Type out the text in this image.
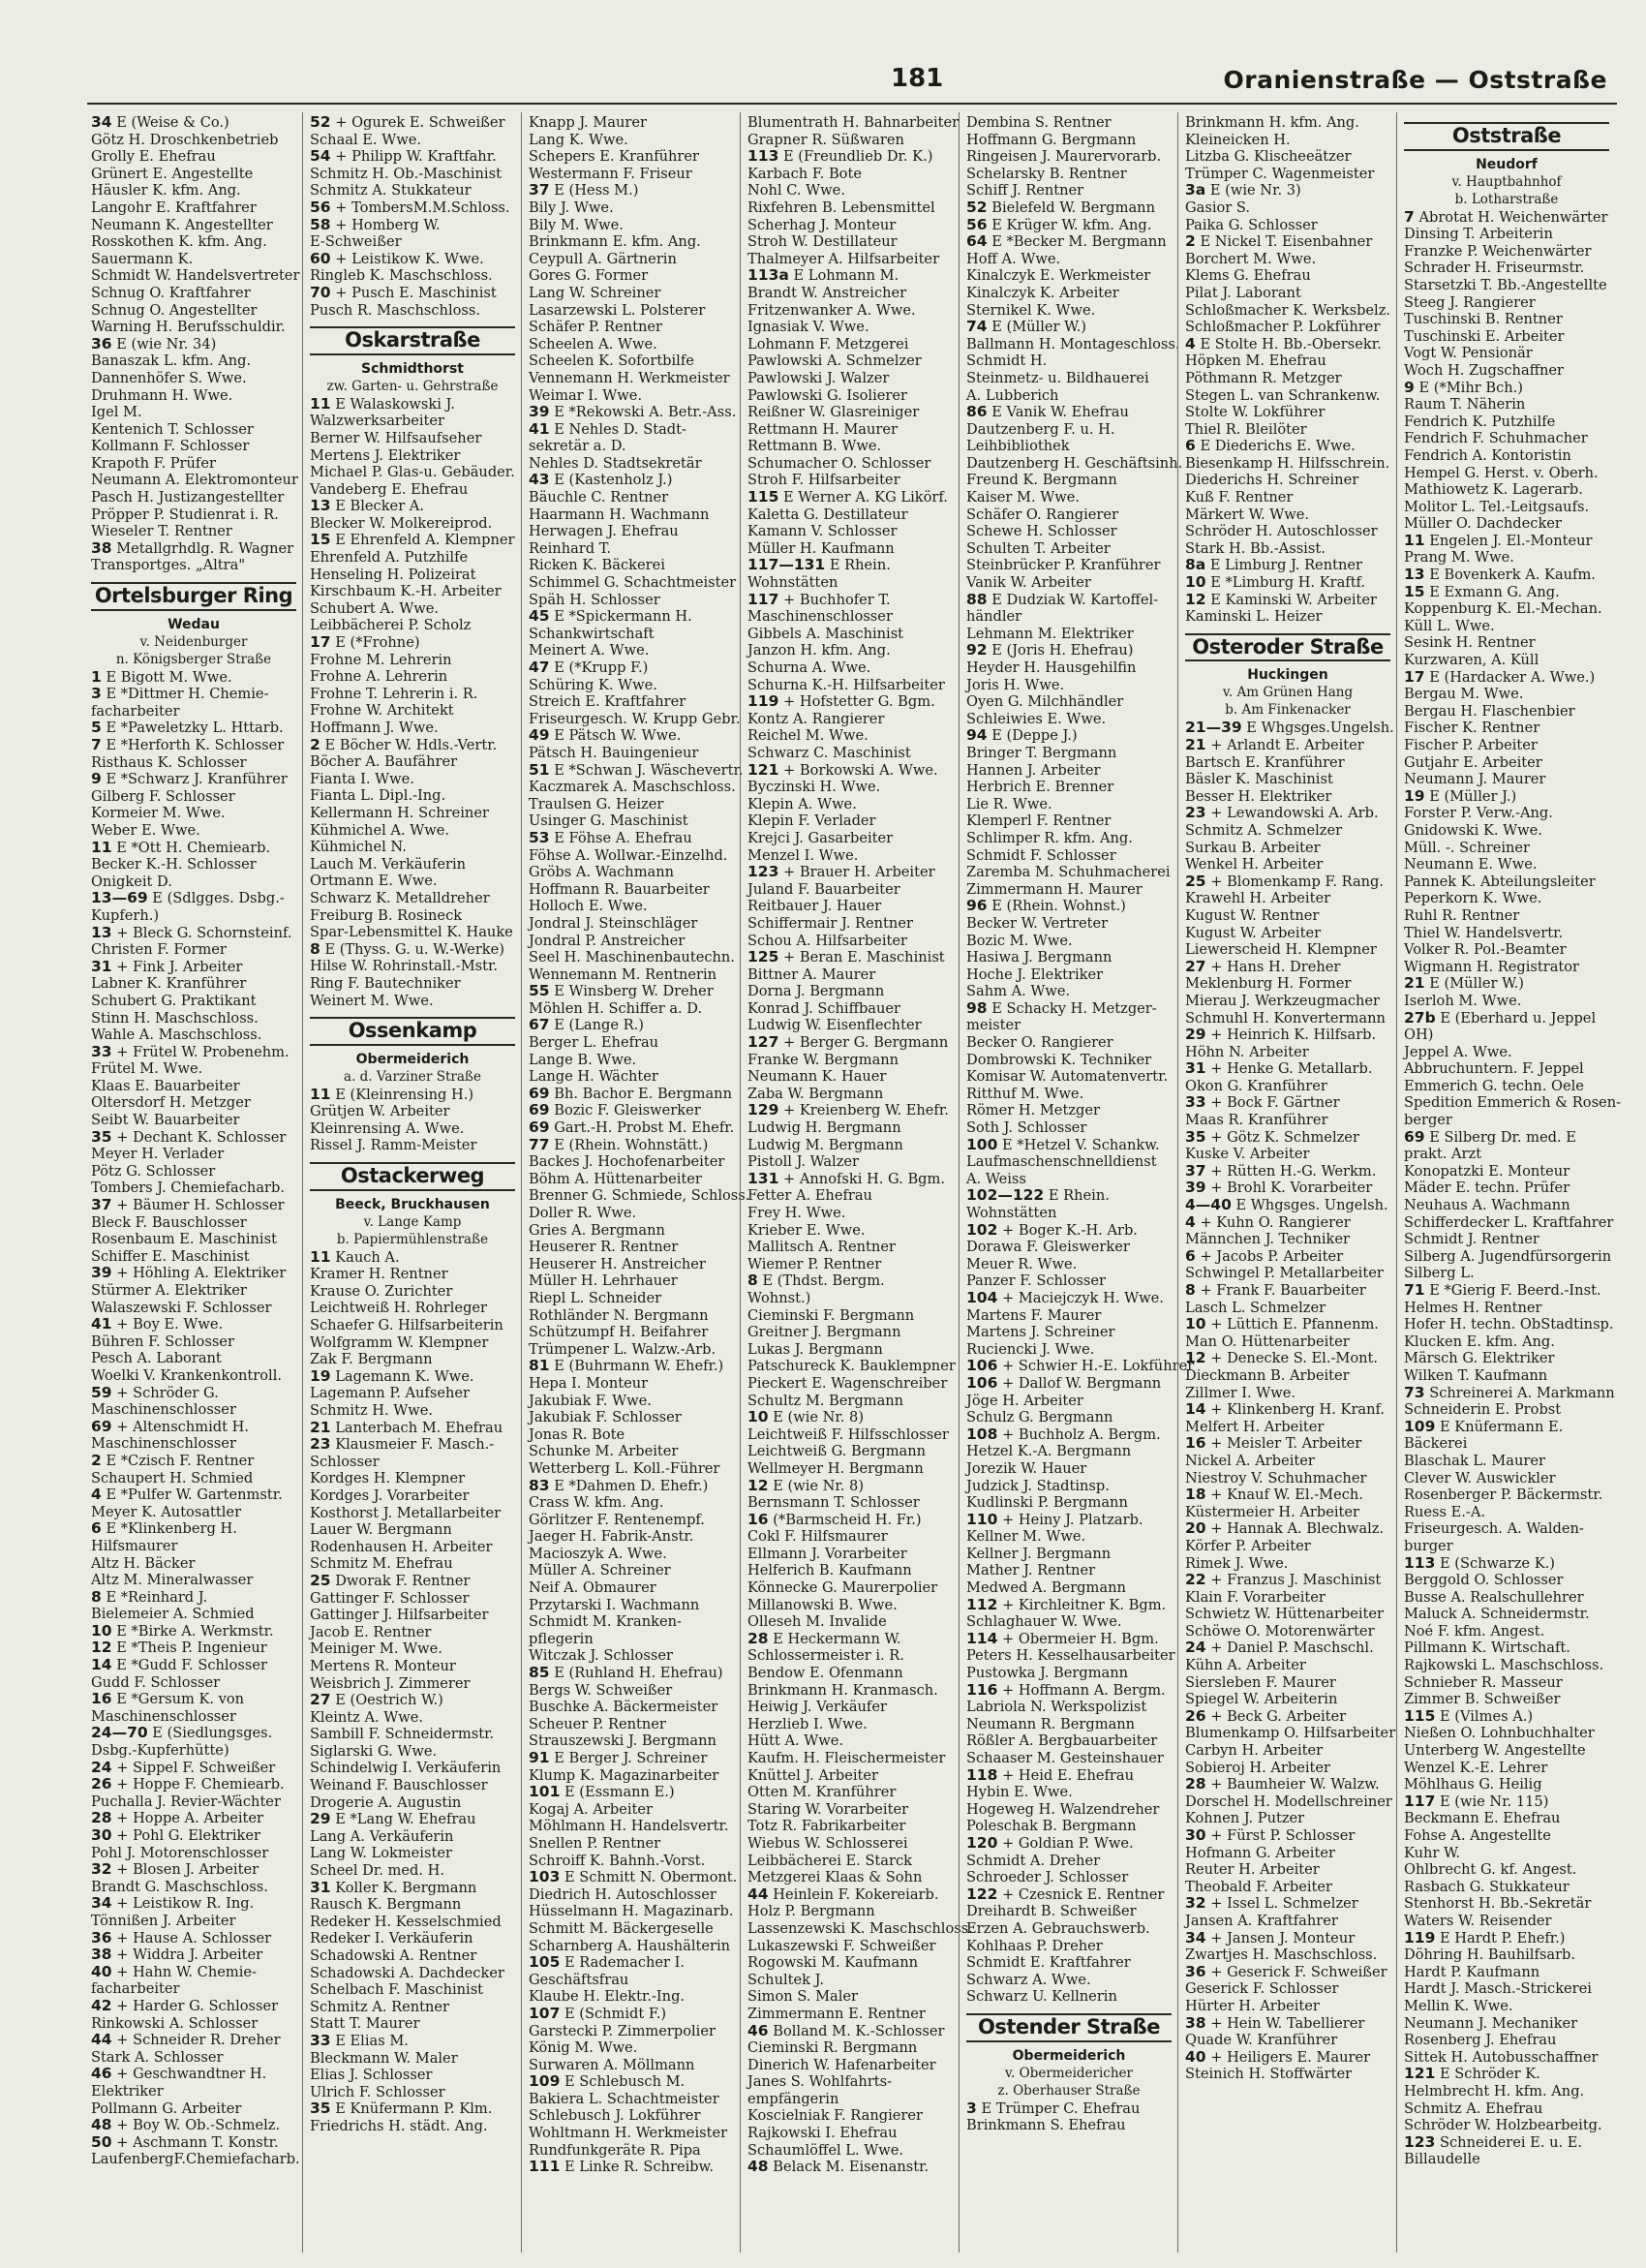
181	Oranienstraße — Oststraße
34 E (Weise & Co.)
Götz H. Droschkenbetrieb
Grolly E. Ehefrau
Grünert E. Angestellte
Häusler K. kfm. Ang.
Langohr E. Kraftfahrer
Neumann K. Angestellter
Rosskothen K. kfm. Ang.
Sauermann K.
Schmidt W. Handelsvertreter
Schnug O. Kraftfahrer
Schnug O. Angestellter
Warning H. Berufsschuldir.
36 E (wie Nr. 34)
Banaszak L. kfm. Ang.
Dannenhöfer S. Wwe.
Druhmann H. Wwe.
Igel M.
Kentenich T. Schlosser
Kollmann F. Schlosser
Krapoth F. Prüfer
Neumann A. Elektromonteur
Pasch H. Justizangestellter
Pröpper P. Studienrat i. R.
Wieseler T. Rentner
38 Metallgrhdlg. R. Wagner
Transportges. „Altra"
Ortelsburger Ring
Wedau
v. Neidenburger
n. Königsberger Straße
1 E Bigott M. Wwe.
3 E *Dittmer H. Chemie-
facharbeiter
5 E *Paweletzky L. Httarb.
7 E *Herforth K. Schlosser
Risthaus K. Schlosser
9 E *Schwarz J. Kranführer
Gilberg F. Schlosser
Kormeier M. Wwe.
Weber E. Wwe.
11 E *Ott H. Chemiearb.
Becker K.-H. Schlosser
Onigkeit D.
13—69 E (Sdlgges. Dsbg.-
Kupferh.)
13 + Bleck G. Schornsteinf.
Christen F. Former
31 + Fink J. Arbeiter
Labner K. Kranführer
Schubert G. Praktikant
Stinn H. Maschschloss.
Wahle A. Maschschloss.
33 + Frütel W. Probenehm.
Frütel M. Wwe.
Klaas E. Bauarbeiter
Oltersdorf H. Metzger
Seibt W. Bauarbeiter
35 + Dechant K. Schlosser
Meyer H. Verlader
Pötz G. Schlosser
Tombers J. Chemiefacharb.
37 + Bäumer H. Schlosser
Bleck F. Bauschlosser
Rosenbaum E. Maschinist
Schiffer E. Maschinist
39 + Höhling A. Elektriker
Stürmer A. Elektriker
Walaszewski F. Schlosser
41 + Boy E. Wwe.
Bühren F. Schlosser
Pesch A. Laborant
Woelki V. Krankenkontroll.
59 + Schröder G.
Maschinenschlosser
69 + Altenschmidt H.
Maschinenschlosser
2 E *Czisch F. Rentner
Schaupert H. Schmied
4 E *Pulfer W. Gartenmstr.
Meyer K. Autosattler
6 E *Klinkenberg H.
Hilfsmaurer
Altz H. Bäcker
Altz M. Mineralwasser
8 E *Reinhard J.
Bielemeier A. Schmied
10 E *Birke A. Werkmstr.
12 E *Theis P. Ingenieur
14 E *Gudd F. Schlosser
Gudd F. Schlosser
16 E *Gersum K. von
Maschinenschlosser
24—70 E (Siedlungsges.
Dsbg.-Kupferhütte)
24 + Sippel F. Schweißer
26 + Hoppe F. Chemiearb.
Puchalla J. Revier-Wächter
28 + Hoppe A. Arbeiter
30 + Pohl G. Elektriker
Pohl J. Motorenschlosser
32 + Blosen J. Arbeiter
Brandt G. Maschschloss.
34 + Leistikow R. Ing.
Tönnißen J. Arbeiter
36 + Hause A. Schlosser
38 + Widdra J. Arbeiter
40 + Hahn W. Chemie-
facharbeiter
42 + Harder G. Schlosser
Rinkowski A. Schlosser
44 + Schneider R. Dreher
Stark A. Schlosser
46 + Geschwandtner H.
Elektriker
Pollmann G. Arbeiter
48 + Boy W. Ob.-Schmelz.
50 + Aschmann T. Konstr.
LaufenbergF.Chemiefacharb.
52 + Ogurek E. Schweißer
Schaal E. Wwe.
54 + Philipp W. Kraftfahr.
Schmitz H. Ob.-Maschinist
Schmitz A. Stukkateur
56 + TombersM.M.Schloss.
58 + Homberg W.
E-Schweißer
60 + Leistikow K. Wwe.
Ringleb K. Maschschloss.
70 + Pusch E. Maschinist
Pusch R. Maschschloss.
Oskarstraße
Schmidthorst
zw. Garten- u. Gehrstraße
11 E Walaskowski J.
Walzwerksarbeiter
Berner W. Hilfsaufseher
Mertens J. Elektriker
Michael P. Glas-u. Gebäuder.
Vandeberg E. Ehefrau
13 E Blecker A.
Blecker W. Molkereiprod.
15 E Ehrenfeld A. Klempner
Ehrenfeld A. Putzhilfe
Henseling H. Polizeirat
Kirschbaum K.-H. Arbeiter
Schubert A. Wwe.
Leibbächerei P. Scholz
17 E (*Frohne)
Frohne M. Lehrerin
Frohne A. Lehrerin
Frohne T. Lehrerin i. R.
Frohne W. Architekt
Hoffmann J. Wwe.
2 E Böcher W. Hdls.-Vertr.
Böcher A. Baufährer
Fianta I. Wwe.
Fianta L. Dipl.-Ing.
Kellermann H. Schreiner
Kühmichel A. Wwe.
Kühmichel N.
Lauch M. Verkäuferin
Ortmann E. Wwe.
Schwarz K. Metalldreher
Freiburg B. Rosineck
Spar-Lebensmittel K. Hauke
8 E (Thyss. G. u. W.-Werke)
Hilse W. Rohrinstall.-Mstr.
Ring F. Bautechniker
Weinert M. Wwe.
Ossenkamp
Obermeiderich
a. d. Varziner Straße
11 E (Kleinrensing H.)
Grütjen W. Arbeiter
Kleinrensing A. Wwe.
Rissel J. Ramm-Meister
Ostackerweg
Beeck, Bruckhausen
v. Lange Kamp
b. Papiermühlenstraße
11 Kauch A.
Kramer H. Rentner
Krause O. Zurichter
Leichtweiß H. Rohrleger
Schaefer G. Hilfsarbeiterin
Wolfgramm W. Klempner
Zak F. Bergmann
19 Lagemann K. Wwe.
Lagemann P. Aufseher
Schmitz H. Wwe.
21 Lanterbach M. Ehefrau
23 Klausmeier F. Masch.-
Schlosser
Kordges H. Klempner
Kordges J. Vorarbeiter
Kosthorst J. Metallarbeiter
Lauer W. Bergmann
Rodenhausen H. Arbeiter
Schmitz M. Ehefrau
25 Dworak F. Rentner
Gattinger F. Schlosser
Gattinger J. Hilfsarbeiter
Jacob E. Rentner
Meiniger M. Wwe.
Mertens R. Monteur
Weisbrich J. Zimmerer
27 E (Oestrich W.)
Kleintz A. Wwe.
Sambill F. Schneidermstr.
Siglarski G. Wwe.
Schindelwig I. Verkäuferin
Weinand F. Bauschlosser
Drogerie A. Augustin
29 E *Lang W. Ehefrau
Lang A. Verkäuferin
Lang W. Lokmeister
Scheel Dr. med. H.
31 Koller K. Bergmann
Rausch K. Bergmann
Redeker H. Kesselschmied
Redeker I. Verkäuferin
Schadowski A. Rentner
Schadowski A. Dachdecker
Schelbach F. Maschinist
Schmitz A. Rentner
Statt T. Maurer
33 E Elias M.
Bleckmann W. Maler
Elias J. Schlosser
Ulrich F. Schlosser
35 E Knüfermann P. Klm.
Friedrichs H. städt. Ang.
Knapp J. Maurer
Lang K. Wwe.
Schepers E. Kranführer
Westermann F. Friseur
37 E (Hess M.)
Bily J. Wwe.
Bily M. Wwe.
Brinkmann E. kfm. Ang.
Ceypull A. Gärtnerin
Gores G. Former
Lang W. Schreiner
Lasarzewski L. Polsterer
Schäfer P. Rentner
Scheelen A. Wwe.
Scheelen K. Sofortbilfe
Vennemann H. Werkmeister
Weimar I. Wwe.
39 E *Rekowski A. Betr.-Ass.
41 E Nehles D. Stadt-
sekretär a. D.
Nehles D. Stadtsekretär
43 E (Kastenholz J.)
Bäuchle C. Rentner
Haarmann H. Wachmann
Herwagen J. Ehefrau
Reinhard T.
Ricken K. Bäckerei
Schimmel G. Schachtmeister
Späh H. Schlosser
45 E *Spickermann H.
Schankwirtschaft
Meinert A. Wwe.
47 E (*Krupp F.)
Schüring K. Wwe.
Streich E. Kraftfahrer
Friseurgesch. W. Krupp Gebr.
49 E Pätsch W. Wwe.
Pätsch H. Bauingenieur
51 E *Schwan J. Wäschevertr.
Kaczmarek A. Maschschloss.
Traulsen G. Heizer
Usinger G. Maschinist
53 E Föhse A. Ehefrau
Föhse A. Wollwar.-Einzelhd.
Gröbs A. Wachmann
Hoffmann R. Bauarbeiter
Holloch E. Wwe.
Jondral J. Steinschläger
Jondral P. Anstreicher
Seel H. Maschinenbautechn.
Wennemann M. Rentnerin
55 E Winsberg W. Dreher
Möhlen H. Schiffer a. D.
67 E (Lange R.)
Berger L. Ehefrau
Lange B. Wwe.
Lange H. Wächter
69 Bh. Bachor E. Bergmann
69 Bozic F. Gleiswerker
69 Gart.-H. Probst M. Ehefr.
77 E (Rhein. Wohnstätt.)
Backes J. Hochofenarbeiter
Böhm A. Hüttenarbeiter
Brenner G. Schmiede, Schloss.
Doller R. Wwe.
Gries A. Bergmann
Heuserer R. Rentner
Heuserer H. Anstreicher
Müller H. Lehrhauer
Riepl L. Schneider
Rothländer N. Bergmann
Schützumpf H. Beifahrer
Trümpener L. Walzw.-Arb.
81 E (Buhrmann W. Ehefr.)
Hepa I. Monteur
Jakubiak F. Wwe.
Jakubiak F. Schlosser
Jonas R. Bote
Schunke M. Arbeiter
Wetterberg L. Koll.-Führer
83 E *Dahmen D. Ehefr.)
Crass W. kfm. Ang.
Görlitzer F. Rentenempf.
Jaeger H. Fabrik-Anstr.
Macioszyk A. Wwe.
Müller A. Schreiner
Neif A. Obmaurer
Przytarski I. Wachmann
Schmidt M. Kranken-
pflegerin
Witczak J. Schlosser
85 E (Ruhland H. Ehefrau)
Bergs W. Schweißer
Buschke A. Bäckermeister
Scheuer P. Rentner
Strauszewski J. Bergmann
91 E Berger J. Schreiner
Klump K. Magazinarbeiter
101 E (Essmann E.)
Kogaj A. Arbeiter
Möhlmann H. Handelsvertr.
Snellen P. Rentner
Schroiff K. Bahnh.-Vorst.
103 E Schmitt N. Obermont.
Diedrich H. Autoschlosser
Hüsselmann H. Magazinarb.
Schmitt M. Bäckergeselle
Scharnberg A. Haushälterin
105 E Rademacher I.
Geschäftsfrau
Klaube H. Elektr.-Ing.
107 E (Schmidt F.)
Garstecki P. Zimmerpolier
König M. Wwe.
Surwaren A. Möllmann
109 E Schlebusch M.
Bakiera L. Schachtmeister
Schlebusch J. Lokführer
Wohltmann H. Werkmeister
Rundfunkgeräte R. Pipa
111 E Linke R. Schreibw.
Blumentrath H. Bahnarbeiter
Grapner R. Süßwaren
113 E (Freundlieb Dr. K.)
Karbach F. Bote
Nohl C. Wwe.
Rixfehren B. Lebensmittel
Scherhag J. Monteur
Stroh W. Destillateur
Thalmeyer A. Hilfsarbeiter
113a E Lohmann M.
Brandt W. Anstreicher
Fritzenwanker A. Wwe.
Ignasiak V. Wwe.
Lohmann F. Metzgerei
Pawlowski A. Schmelzer
Pawlowski J. Walzer
Pawlowski G. Isolierer
Reißner W. Glasreiniger
Rettmann H. Maurer
Rettmann B. Wwe.
Schumacher O. Schlosser
Stroh F. Hilfsarbeiter
115 E Werner A. KG Likörf.
Kaletta G. Destillateur
Kamann V. Schlosser
Müller H. Kaufmann
117—131 E Rhein.
Wohnstätten
117 + Buchhofer T.
Maschinenschlosser
Gibbels A. Maschinist
Janzon H. kfm. Ang.
Schurna A. Wwe.
Schurna K.-H. Hilfsarbeiter
119 + Hofstetter G. Bgm.
Kontz A. Rangierer
Reichel M. Wwe.
Schwarz C. Maschinist
121 + Borkowski A. Wwe.
Byczinski H. Wwe.
Klepin A. Wwe.
Klepin F. Verlader
Krejci J. Gasarbeiter
Menzel I. Wwe.
123 + Brauer H. Arbeiter
Juland F. Bauarbeiter
Reitbauer J. Hauer
Schiffermair J. Rentner
Schou A. Hilfsarbeiter
125 + Beran E. Maschinist
Bittner A. Maurer
Dorna J. Bergmann
Konrad J. Schiffbauer
Ludwig W. Eisenflechter
127 + Berger G. Bergmann
Franke W. Bergmann
Neumann K. Hauer
Zaba W. Bergmann
129 + Kreienberg W. Ehefr.
Ludwig H. Bergmann
Ludwig M. Bergmann
Pistoll J. Walzer
131 + Annofski H. G. Bgm.
Fetter A. Ehefrau
Frey H. Wwe.
Krieber E. Wwe.
Mallitsch A. Rentner
Wiemer P. Rentner
8 E (Thdst. Bergm.
Wohnst.)
Cieminski F. Bergmann
Greitner J. Bergmann
Lukas J. Bergmann
Patschureck K. Bauklempner
Pieckert E. Wagenschreiber
Schultz M. Bergmann
10 E (wie Nr. 8)
Leichtweiß F. Hilfsschlosser
Leichtweiß G. Bergmann
Wellmeyer H. Bergmann
12 E (wie Nr. 8)
Bernsmann T. Schlosser
16 (*Barmscheid H. Fr.)
Cokl F. Hilfsmaurer
Ellmann J. Vorarbeiter
Helferich B. Kaufmann
Könnecke G. Maurerpolier
Millanowski B. Wwe.
Olleseh M. Invalide
28 E Heckermann W.
Schlossermeister i. R.
Bendow E. Ofenmann
Brinkmann H. Kranmasch.
Heiwig J. Verkäufer
Herzlieb I. Wwe.
Hütt A. Wwe.
Kaufm. H. Fleischermeister
Knüttel J. Arbeiter
Otten M. Kranführer
Staring W. Vorarbeiter
Totz R. Fabrikarbeiter
Wiebus W. Schlosserei
Leibbächerei E. Starck
Metzgerei Klaas & Sohn
44 Heinlein F. Kokereiarb.
Holz P. Bergmann
Lassenzewski K. Maschschloss.
Lukaszewski F. Schweißer
Rogowski M. Kaufmann
Schultek J.
Simon S. Maler
Zimmermann E. Rentner
46 Bolland M. K.-Schlosser
Cieminski R. Bergmann
Dinerich W. Hafenarbeiter
Janes S. Wohlfahrts-
empfängerin
Koscielniak F. Rangierer
Rajkowski I. Ehefrau
Schaumlöffel L. Wwe.
48 Belack M. Eisenanstr.
Dembina S. Rentner
Hoffmann G. Bergmann
Ringeisen J. Maurervorarb.
Schelarsky B. Rentner
Schiff J. Rentner
52 Bielefeld W. Bergmann
56 E Krüger W. kfm. Ang.
64 E *Becker M. Bergmann
Hoff A. Wwe.
Kinalczyk E. Werkmeister
Kinalczyk K. Arbeiter
Sternikel K. Wwe.
74 E (Müller W.)
Ballmann H. Montageschloss.
Schmidt H.
Steinmetz- u. Bildhauerei
A. Lubberich
86 E Vanik W. Ehefrau
Dautzenberg F. u. H.
Leihbibliothek
Dautzenberg H. Geschäftsinh.
Freund K. Bergmann
Kaiser M. Wwe.
Schäfer O. Rangierer
Schewe H. Schlosser
Schulten T. Arbeiter
Steinbrücker P. Kranführer
Vanik W. Arbeiter
88 E Dudziak W. Kartoffel-
händler
Lehmann M. Elektriker
92 E (Joris H. Ehefrau)
Heyder H. Hausgehilfin
Joris H. Wwe.
Oyen G. Milchhändler
Schleiwies E. Wwe.
94 E (Deppe J.)
Bringer T. Bergmann
Hannen J. Arbeiter
Herbrich E. Brenner
Lie R. Wwe.
Klemperl F. Rentner
Schlimper R. kfm. Ang.
Schmidt F. Schlosser
Zaremba M. Schuhmacherei
Zimmermann H. Maurer
96 E (Rhein. Wohnst.)
Becker W. Vertreter
Bozic M. Wwe.
Hasiwa J. Bergmann
Hoche J. Elektriker
Sahm A. Wwe.
98 E Schacky H. Metzger-
meister
Becker O. Rangierer
Dombrowski K. Techniker
Komisar W. Automatenvertr.
Ritthuf M. Wwe.
Römer H. Metzger
Soth J. Schlosser
100 E *Hetzel V. Schankw.
Laufmaschenschnelldienst
A. Weiss
102—122 E Rhein.
Wohnstätten
102 + Boger K.-H. Arb.
Dorawa F. Gleiswerker
Meuer R. Wwe.
Panzer F. Schlosser
104 + Maciejczyk H. Wwe.
Martens F. Maurer
Martens J. Schreiner
Ruciencki J. Wwe.
106 + Schwier H.-E. Lokführer
106 + Dallof W. Bergmann
Jöge H. Arbeiter
Schulz G. Bergmann
108 + Buchholz A. Bergm.
Hetzel K.-A. Bergmann
Jorezik W. Hauer
Judzick J. Stadtinsp.
Kudlinski P. Bergmann
110 + Heiny J. Platzarb.
Kellner M. Wwe.
Kellner J. Bergmann
Mather J. Rentner
Medwed A. Bergmann
112 + Kirchleitner K. Bgm.
Schlaghauer W. Wwe.
114 + Obermeier H. Bgm.
Peters H. Kesselhausarbeiter
Pustowka J. Bergmann
116 + Hoffmann A. Bergm.
Labriola N. Werkspolizist
Neumann R. Bergmann
Rößler A. Bergbauarbeiter
Schaaser M. Gesteinshauer
118 + Heid E. Ehefrau
Hybin E. Wwe.
Hogeweg H. Walzendreher
Poleschak B. Bergmann
120 + Goldian P. Wwe.
Schmidt A. Dreher
Schroeder J. Schlosser
122 + Czesnick E. Rentner
Dreihardt B. Schweißer
Erzen A. Gebrauchswerb.
Kohlhaas P. Dreher
Schmidt E. Kraftfahrer
Schwarz A. Wwe.
Schwarz U. Kellnerin
Ostender Straße
Obermeiderich
v. Obermeidericher
z. Oberhauser Straße
3 E Trümper C. Ehefrau
Brinkmann S. Ehefrau
Brinkmann H. kfm. Ang.
Kleineicken H.
Litzba G. Klischeeätzer
Trümper C. Wagenmeister
3a E (wie Nr. 3)
Gasior S.
Paika G. Schlosser
2 E Nickel T. Eisenbahner
Borchert M. Wwe.
Klems G. Ehefrau
Pilat J. Laborant
Schloßmacher K. Werksbelz.
Schloßmacher P. Lokführer
4 E Stolte H. Bb.-Obersekr.
Höpken M. Ehefrau
Pöthmann R. Metzger
Stegen L. van Schrankenw.
Stolte W. Lokführer
Thiel R. Bleilöter
6 E Diederichs E. Wwe.
Biesenkamp H. Hilfsschrein.
Diederichs H. Schreiner
Kuß F. Rentner
Märkert W. Wwe.
Schröder H. Autoschlosser
Stark H. Bb.-Assist.
8a E Limburg J. Rentner
10 E *Limburg H. Kraftf.
12 E Kaminski W. Arbeiter
Kaminski L. Heizer
Osteroder Straße
Huckingen
v. Am Grünen Hang
b. Am Finkenacker
21—39 E Whgsges.Ungelsh.
21 + Arlandt E. Arbeiter
Bartsch E. Kranführer
Bäsler K. Maschinist
Besser H. Elektriker
23 + Lewandowski A. Arb.
Schmitz A. Schmelzer
Surkau B. Arbeiter
Wenkel H. Arbeiter
25 + Blomenkamp F. Rang.
Krawehl H. Arbeiter
Kugust W. Rentner
Kugust W. Arbeiter
Liewerscheid H. Klempner
27 + Hans H. Dreher
Meklenburg H. Former
Mierau J. Werkzeugmacher
Schmuhl H. Konvertermann
29 + Heinrich K. Hilfsarb.
Höhn N. Arbeiter
31 + Henke G. Metallarb.
Okon G. Kranführer
33 + Bock F. Gärtner
Maas R. Kranführer
35 + Götz K. Schmelzer
Kuske V. Arbeiter
37 + Rütten H.-G. Werkm.
39 + Brohl K. Vorarbeiter
4—40 E Whgsges. Ungelsh.
4 + Kuhn O. Rangierer
Männchen J. Techniker
6 + Jacobs P. Arbeiter
Schwingel P. Metallarbeiter
8 + Frank F. Bauarbeiter
Lasch L. Schmelzer
10 + Lüttich E. Pfannenm.
Man O. Hüttenarbeiter
12 + Denecke S. El.-Mont.
Dieckmann B. Arbeiter
Zillmer I. Wwe.
14 + Klinkenberg H. Kranf.
Melfert H. Arbeiter
16 + Meisler T. Arbeiter
Nickel A. Arbeiter
Niestroy V. Schuhmacher
18 + Knauf W. El.-Mech.
Küstermeier H. Arbeiter
20 + Hannak A. Blechwalz.
Körfer P. Arbeiter
Rimek J. Wwe.
22 + Franzus J. Maschinist
Klain F. Vorarbeiter
Schwietz W. Hüttenarbeiter
Schöwe O. Motorenwärter
24 + Daniel P. Maschschl.
Kühn A. Arbeiter
Siersleben F. Maurer
Spiegel W. Arbeiterin
26 + Beck G. Arbeiter
Blumenkamp O. Hilfsarbeiter
Carbyn H. Arbeiter
Sobieroj H. Arbeiter
28 + Baumheier W. Walzw.
Dorschel H. Modellschreiner
Kohnen J. Putzer
30 + Fürst P. Schlosser
Hofmann G. Arbeiter
Reuter H. Arbeiter
Theobald F. Arbeiter
32 + Issel L. Schmelzer
Jansen A. Kraftfahrer
34 + Jansen J. Monteur
Zwartjes H. Maschschloss.
36 + Geserick F. Schweißer
Geserick F. Schlosser
Hürter H. Arbeiter
38 + Hein W. Tabellierer
Quade W. Kranführer
40 + Heiligers E. Maurer
Steinich H. Stoffwärter
Oststraße
Neudorf
v. Hauptbahnhof
b. Lotharstraße
7 Abrotat H. Weichenwärter
Dinsing T. Arbeiterin
Franzke P. Weichenwärter
Schrader H. Friseurmstr.
Starsetzki T. Bb.-Angestellte
Steeg J. Rangierer
Tuschinski B. Rentner
Tuschinski E. Arbeiter
Vogt W. Pensionär
Woch H. Zugschaffner
9 E (*Mihr Bch.)
Raum T. Näherin
Fendrich K. Putzhilfe
Fendrich F. Schuhmacher
Fendrich A. Kontoristin
Hempel G. Herst. v. Oberh.
Mathiowetz K. Lagerarb.
Molitor L. Tel.-Leitgsaufs.
Müller O. Dachdecker
11 Engelen J. El.-Monteur
Prang M. Wwe.
13 E Bovenkerk A. Kaufm.
15 E Exmann G. Ang.
Koppenburg K. El.-Mechan.
Küll L. Wwe.
Sesink H. Rentner
Kurzwaren, A. Küll
17 E (Hardacker A. Wwe.)
Bergau M. Wwe.
Bergau H. Flaschenbier
Fischer K. Rentner
Fischer P. Arbeiter
Gutjahr E. Arbeiter
Neumann J. Maurer
19 E (Müller J.)
Forster P. Verw.-Ang.
Gnidowski K. Wwe.
Müll. -. Schreiner
Neumann E. Wwe.
Pannek K. Abteilungsleiter
Peperkorn K. Wwe.
Ruhl R. Rentner
Thiel W. Handelsvertr.
Volker R. Pol.-Beamter
Wigmann H. Registrator
21 E (Müller W.)
Iserloh M. Wwe.
27b E (Eberhard u. Jeppel
OH)
Jeppel A. Wwe.
Abbruchuntern. F. Jeppel
Emmerich G. techn. Oele
Spedition Emmerich & Rosen-
berger
69 E Silberg Dr. med. E
prakt. Arzt
Konopatzki E. Monteur
Mäder E. techn. Prüfer
Neuhaus A. Wachmann
Schifferdecker L. Kraftfahrer
Schmidt J. Rentner
Silberg A. Jugendfürsorgerin
Silberg L.
71 E *Gierig F. Beerd.-Inst.
Helmes H. Rentner
Hofer H. techn. ObStadtinsp.
Klucken E. kfm. Ang.
Märsch G. Elektriker
Wilken T. Kaufmann
73 Schreinerei A. Markmann
Schneiderin E. Probst
109 E Knüfermann E.
Bäckerei
Blaschak L. Maurer
Clever W. Auswickler
Rosenberger P. Bäckermstr.
Ruess E.-A.
Friseurgesch. A. Walden-
burger
113 E (Schwarze K.)
Berggold O. Schlosser
Busse A. Realschullehrer
Maluck A. Schneidermstr.
Noé F. kfm. Angest.
Pillmann K. Wirtschaft.
Rajkowski L. Maschschloss.
Schnieber R. Masseur
Zimmer B. Schweißer
115 E (Vilmes A.)
Nießen O. Lohnbuchhalter
Unterberg W. Angestellte
Wenzel K.-E. Lehrer
Möhlhaus G. Heilig
117 E (wie Nr. 115)
Beckmann E. Ehefrau
Fohse A. Angestellte
Kuhr W.
Ohlbrecht G. kf. Angest.
Rasbach G. Stukkateur
Stenhorst H. Bb.-Sekretär
Waters W. Reisender
119 E Hardt P. Ehefr.)
Döhring H. Bauhilfsarb.
Hardt P. Kaufmann
Hardt J. Masch.-Strickerei
Mellin K. Wwe.
Neumann J. Mechaniker
Rosenberg J. Ehefrau
Sittek H. Autobusschaffner
121 E Schröder K.
Helmbrecht H. kfm. Ang.
Schmitz A. Ehefrau
Schröder W. Holzbearbeitg.
123 Schneiderei E. u. E.
Billaudelle
